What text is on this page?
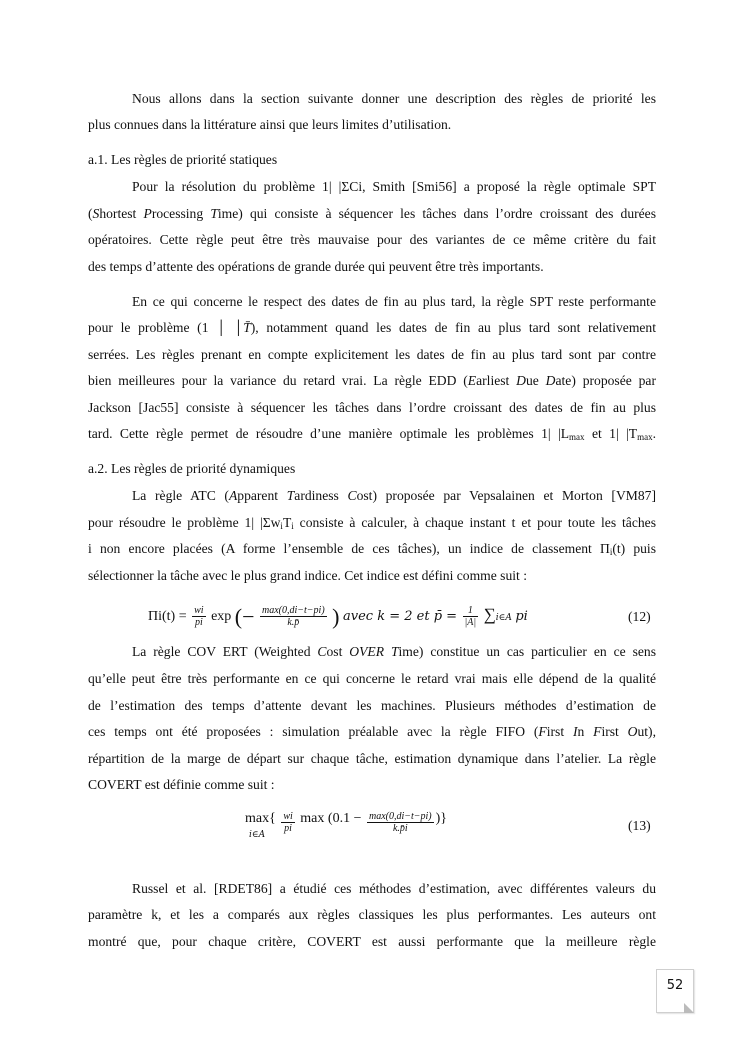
Nous allons dans la section suivante donner une description des règles de priorité les
plus connues dans la littérature ainsi que leurs limites d’utilisation.
a.1. Les règles de priorité statiques
Pour la résolution du problème 1| |ΣCi, Smith [Smi56] a proposé la règle optimale SPT
(Shortest Processing Time) qui consiste à séquencer les tâches dans l’ordre croissant des durées
opératoires. Cette règle peut être très mauvaise pour des variantes de ce même critère du fait
des temps d’attente des opérations de grande durée qui peuvent être très importants.
En ce qui concerne le respect des dates de fin au plus tard, la règle SPT reste performante
pour le problème (1 │ │T̄), notamment quand les dates de fin au plus tard sont relativement
serrées. Les règles prenant en compte explicitement les dates de fin au plus tard sont par contre
bien meilleures pour la variance du retard vrai. La règle EDD (Earliest Due Date) proposée par
Jackson [Jac55] consiste à séquencer les tâches dans l’ordre croissant des dates de fin au plus
tard. Cette règle permet de résoudre d’une manière optimale les problèmes 1| $|L_{max}$ et 1| $|T_{max}$.
a.2. Les règles de priorité dynamiques
La règle ATC (Apparent Tardiness Cost) proposée par Vepsalainen et Morton [VM87]
pour résoudre le problème 1| $|\Sigma w_iT_i$ consiste à calculer, à chaque instant t et pour toute les tâches
i non encore placées (A forme l’ensemble de ces tâches), un indice de classement $\Pi_i(t)$ puis
sélectionner la tâche avec le plus grand indice. Cet indice est défini comme suit :
La règle COV ERT (Weighted Cost OVER Time) constitue un cas particulier en ce sens
qu’elle peut être très performante en ce qui concerne le retard vrai mais elle dépend de la qualité
de l’estimation des temps d’attente devant les machines. Plusieurs méthodes d’estimation de
ces temps ont été proposées : simulation préalable avec la règle FIFO (First In First Out),
répartition de la marge de départ sur chaque tâche, estimation dynamique dans l’atelier. La règle
COVERT est définie comme suit :
Russel et al. [RDET86] a étudié ces méthodes d’estimation, avec différentes valeurs du
paramètre k, et les a comparés aux règles classiques les plus performantes. Les auteurs ont
montré que, pour chaque critère, COVERT est aussi performante que la meilleure règle
$\Pi i(t) = \frac{wi}{pi}$ exp (− $\frac{\max(0,di-t-pi)}{k.p̄}$ ) avec k = 2 et p̄ = $\frac{1}{|A|}$ ∑i∈A pi	(12)
max
i∈A{ $\frac{wi}{pi}$ $\max (0.1 - \frac{\max(0,di-t-pi)}{k.p̄i}$ )}	(13)
52
